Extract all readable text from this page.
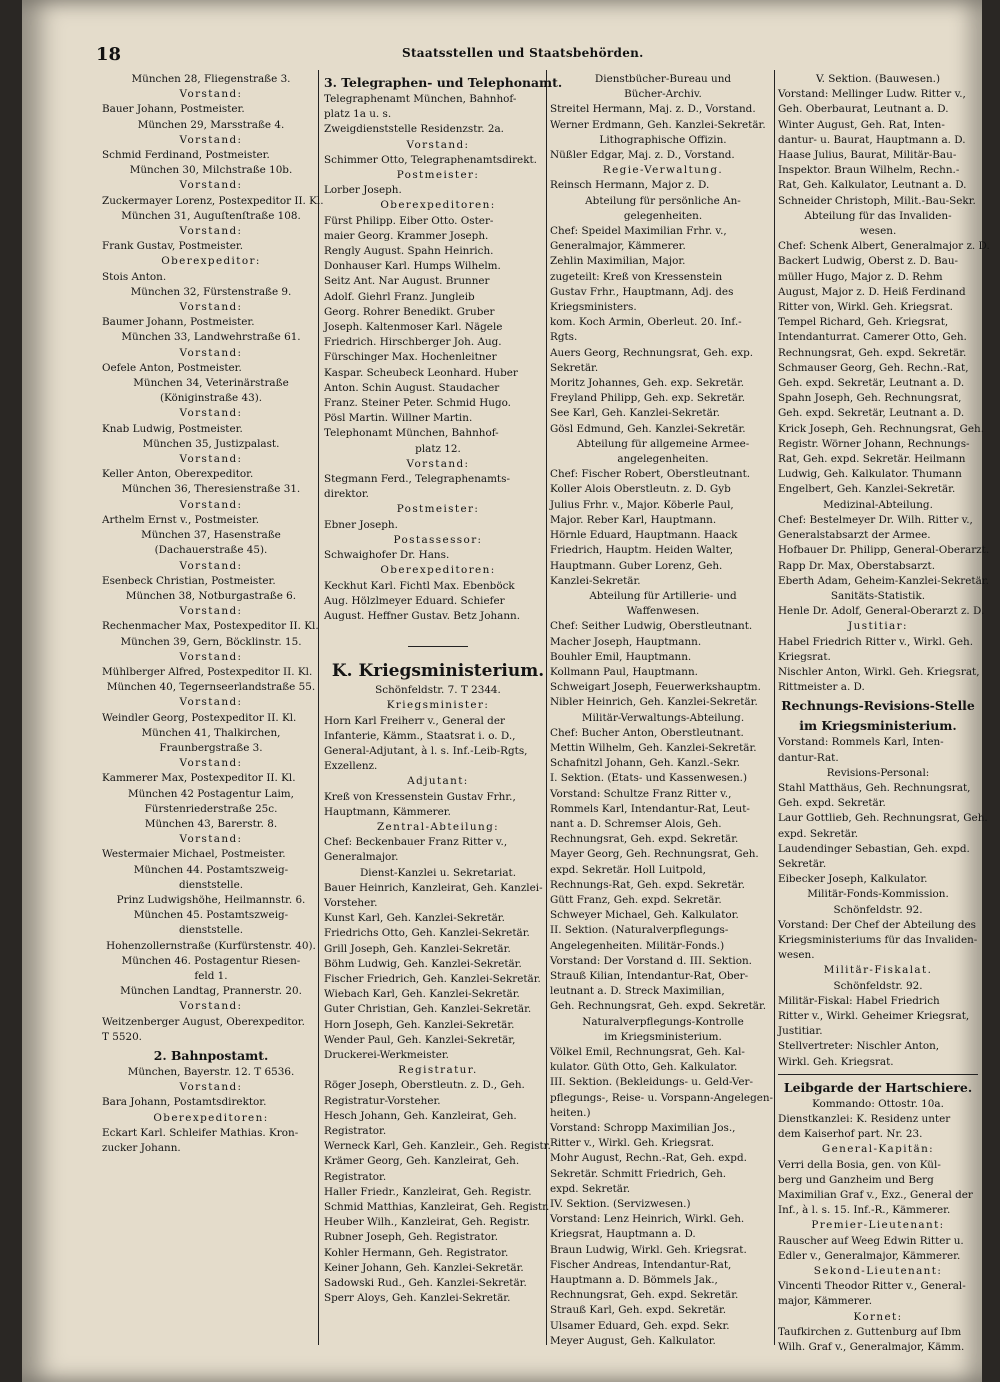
18	Staatsstellen und Staatsbehörden.
München 28, Fliegenstraße 3.
Vorstand:
Bauer Johann, Postmeister.
München 29, Marsstraße 4.
Vorstand:
Schmid Ferdinand, Postmeister.
München 30, Milchstraße 10b.
Vorstand:
Zuckermayer Lorenz, Postexpeditor II. Kl.
München 31, Auguſtenſtraße 108.
Vorstand:
Frank Gustav, Postmeister.
Oberexpeditor:
Stois Anton.
München 32, Fürstenstraße 9.
Vorstand:
Baumer Johann, Postmeister.
München 33, Landwehrstraße 61.
Vorstand:
Oefele Anton, Postmeister.
München 34, Veterinärstraße
(Königinstraße 43).
Vorstand:
Knab Ludwig, Postmeister.
München 35, Justizpalast.
Vorstand:
Keller Anton, Oberexpeditor.
München 36, Theresienstraße 31.
Vorstand:
Arthelm Ernst v., Postmeister.
München 37, Hasenstraße
(Dachauerstraße 45).
Vorstand:
Esenbeck Christian, Postmeister.
München 38, Notburgastraße 6.
Vorstand:
Rechenmacher Max, Postexpeditor II. Kl.
München 39, Gern, Böcklinstr. 15.
Vorstand:
Mühlberger Alfred, Postexpeditor II. Kl.
München 40, Tegernseerlandstraße 55.
Vorstand:
Weindler Georg, Postexpeditor II. Kl.
München 41, Thalkirchen,
Fraunbergstraße 3.
Vorstand:
Kammerer Max, Postexpeditor II. Kl.
München 42 Postagentur Laim,
Fürstenriederstraße 25c.
München 43, Barerstr. 8.
Vorstand:
Westermaier Michael, Postmeister.
München 44. Postamtszweig-
dienststelle.
Prinz Ludwigshöhe, Heilmannstr. 6.
München 45. Postamtszweig-
dienststelle.
Hohenzollernstraße (Kurfürstenstr. 40).
München 46. Postagentur Riesen-
feld 1.
München Landtag, Prannerstr. 20.
Vorstand:
Weitzenberger August, Oberexpeditor.
T 5520.
2. Bahnpostamt.
München, Bayerstr. 12. T 6536.
Vorstand:
Bara Johann, Postamtsdirektor.
Oberexpeditoren:
Eckart Karl. Schleifer Mathias. Kron-
zucker Johann.
3. Telegraphen- und Telephonamt.
Telegraphenamt München, Bahnhof-
platz 1a u. s.
Zweigdienststelle Residenzstr. 2a.
Vorstand:
Schimmer Otto, Telegraphenamtsdirekt.
Postmeister:
Lorber Joseph.
Oberexpeditoren:
Fürst Philipp. Eiber Otto. Oster-
maier Georg. Krammer Joseph.
Rengly August. Spahn Heinrich.
Donhauser Karl. Humps Wilhelm.
Seitz Ant. Nar August. Brunner
Adolf. Giehrl Franz. Jungleib
Georg. Rohrer Benedikt. Gruber
Joseph. Kaltenmoser Karl. Nägele
Friedrich. Hirschberger Joh. Aug.
Fürschinger Max. Hochenleitner
Kaspar. Scheubeck Leonhard. Huber
Anton. Schin August. Staudacher
Franz. Steiner Peter. Schmid Hugo.
Pösl Martin. Willner Martin.
Telephonamt München, Bahnhof-
platz 12.
Vorstand:
Stegmann Ferd., Telegraphenamts-
direktor.
Postmeister:
Ebner Joseph.
Postassessor:
Schwaighofer Dr. Hans.
Oberexpeditoren:
Keckhut Karl. Fichtl Max. Ebenböck
Aug. Hölzlmeyer Eduard. Schiefer
August. Heffner Gustav. Betz Johann.
K. Kriegsministerium.
Schönfeldstr. 7. T 2344.
Kriegsminister:
Horn Karl Freiherr v., General der
Infanterie, Kämm., Staatsrat i. o. D.,
General-Adjutant, à l. s. Inf.-Leib-Rgts,
Exzellenz.
Adjutant:
Kreß von Kressenstein Gustav Frhr.,
Hauptmann, Kämmerer.
Zentral-Abteilung:
Chef: Beckenbauer Franz Ritter v.,
Generalmajor.
Dienst-Kanzlei u. Sekretariat.
Bauer Heinrich, Kanzleirat, Geh. Kanzlei-
Vorsteher.
Kunst Karl, Geh. Kanzlei-Sekretär.
Friedrichs Otto, Geh. Kanzlei-Sekretär.
Grill Joseph, Geh. Kanzlei-Sekretär.
Böhm Ludwig, Geh. Kanzlei-Sekretär.
Fischer Friedrich, Geh. Kanzlei-Sekretär.
Wiebach Karl, Geh. Kanzlei-Sekretär.
Guter Christian, Geh. Kanzlei-Sekretär.
Horn Joseph, Geh. Kanzlei-Sekretär.
Wender Paul, Geh. Kanzlei-Sekretär,
Druckerei-Werkmeister.
Registratur.
Röger Joseph, Oberstleutn. z. D., Geh.
Registratur-Vorsteher.
Hesch Johann, Geh. Kanzleirat, Geh.
Registrator.
Werneck Karl, Geh. Kanzleir., Geh. Registr.
Krämer Georg, Geh. Kanzleirat, Geh.
Registrator.
Haller Friedr., Kanzleirat, Geh. Registr.
Schmid Matthias, Kanzleirat, Geh. Registr.
Heuber Wilh., Kanzleirat, Geh. Registr.
Rubner Joseph, Geh. Registrator.
Kohler Hermann, Geh. Registrator.
Keiner Johann, Geh. Kanzlei-Sekretär.
Sadowski Rud., Geh. Kanzlei-Sekretär.
Sperr Aloys, Geh. Kanzlei-Sekretär.
Dienstbücher-Bureau und
Bücher-Archiv.
Streitel Hermann, Maj. z. D., Vorstand.
Werner Erdmann, Geh. Kanzlei-Sekretär.
Lithographische Offizin.
Nüßler Edgar, Maj. z. D., Vorstand.
Regie-Verwaltung.
Reinsch Hermann, Major z. D.
Abteilung für persönliche An-
gelegenheiten.
Chef: Speidel Maximilian Frhr. v.,
Generalmajor, Kämmerer.
Zehlin Maximilian, Major.
zugeteilt: Kreß von Kressenstein
Gustav Frhr., Hauptmann, Adj. des
Kriegsministers.
kom. Koch Armin, Oberleut. 20. Inf.-
Rgts.
Auers Georg, Rechnungsrat, Geh. exp.
Sekretär.
Moritz Johannes, Geh. exp. Sekretär.
Freyland Philipp, Geh. exp. Sekretär.
See Karl, Geh. Kanzlei-Sekretär.
Gösl Edmund, Geh. Kanzlei-Sekretär.
Abteilung für allgemeine Armee-
angelegenheiten.
Chef: Fischer Robert, Oberstleutnant.
Koller Alois Oberstleutn. z. D. Gyb
Julius Frhr. v., Major. Köberle Paul,
Major. Reber Karl, Hauptmann.
Hörnle Eduard, Hauptmann. Haack
Friedrich, Hauptm. Heiden Walter,
Hauptmann. Guber Lorenz, Geh.
Kanzlei-Sekretär.
Abteilung für Artillerie- und
Waffenwesen.
Chef: Seither Ludwig, Oberstleutnant.
Macher Joseph, Hauptmann.
Bouhler Emil, Hauptmann.
Kollmann Paul, Hauptmann.
Schweigart Joseph, Feuerwerkshauptm.
Nibler Heinrich, Geh. Kanzlei-Sekretär.
Militär-Verwaltungs-Abteilung.
Chef: Bucher Anton, Oberstleutnant.
Mettin Wilhelm, Geh. Kanzlei-Sekretär.
Schafnitzl Johann, Geh. Kanzl.-Sekr.
I. Sektion. (Etats- und Kassenwesen.)
Vorstand: Schultze Franz Ritter v.,
Rommels Karl, Intendantur-Rat, Leut-
nant a. D. Schremser Alois, Geh.
Rechnungsrat, Geh. expd. Sekretär.
Mayer Georg, Geh. Rechnungsrat, Geh.
expd. Sekretär. Holl Luitpold,
Rechnungs-Rat, Geh. expd. Sekretär.
Gütt Franz, Geh. expd. Sekretär.
Schweyer Michael, Geh. Kalkulator.
II. Sektion. (Naturalverpflegungs-
Angelegenheiten. Militär-Fonds.)
Vorstand: Der Vorstand d. III. Sektion.
Strauß Kilian, Intendantur-Rat, Ober-
leutnant a. D. Streck Maximilian,
Geh. Rechnungsrat, Geh. expd. Sekretär.
Naturalverpflegungs-Kontrolle
im Kriegsministerium.
Völkel Emil, Rechnungsrat, Geh. Kal-
kulator. Güth Otto, Geh. Kalkulator.
III. Sektion. (Bekleidungs- u. Geld-Ver-
pflegungs-, Reise- u. Vorspann-Angelegen-
heiten.)
Vorstand: Schropp Maximilian Jos.,
Ritter v., Wirkl. Geh. Kriegsrat.
Mohr August, Rechn.-Rat, Geh. expd.
Sekretär. Schmitt Friedrich, Geh.
expd. Sekretär.
IV. Sektion. (Servizwesen.)
Vorstand: Lenz Heinrich, Wirkl. Geh.
Kriegsrat, Hauptmann a. D.
Braun Ludwig, Wirkl. Geh. Kriegsrat.
Fischer Andreas, Intendantur-Rat,
Hauptmann a. D. Bömmels Jak.,
Rechnungsrat, Geh. expd. Sekretär.
Strauß Karl, Geh. expd. Sekretär.
Ulsamer Eduard, Geh. expd. Sekr.
Meyer August, Geh. Kalkulator.
V. Sektion. (Bauwesen.)
Vorstand: Mellinger Ludw. Ritter v.,
Geh. Oberbaurat, Leutnant a. D.
Winter August, Geh. Rat, Inten-
dantur- u. Baurat, Hauptmann a. D.
Haase Julius, Baurat, Militär-Bau-
Inspektor. Braun Wilhelm, Rechn.-
Rat, Geh. Kalkulator, Leutnant a. D.
Schneider Christoph, Milit.-Bau-Sekr.
Abteilung für das Invaliden-
wesen.
Chef: Schenk Albert, Generalmajor z. D.
Backert Ludwig, Oberst z. D. Bau-
müller Hugo, Major z. D. Rehm
August, Major z. D. Heiß Ferdinand
Ritter von, Wirkl. Geh. Kriegsrat.
Tempel Richard, Geh. Kriegsrat,
Intendanturrat. Camerer Otto, Geh.
Rechnungsrat, Geh. expd. Sekretär.
Schmauser Georg, Geh. Rechn.-Rat,
Geh. expd. Sekretär, Leutnant a. D.
Spahn Joseph, Geh. Rechnungsrat,
Geh. expd. Sekretär, Leutnant a. D.
Krick Joseph, Geh. Rechnungsrat, Geh.
Registr. Wörner Johann, Rechnungs-
Rat, Geh. expd. Sekretär. Heilmann
Ludwig, Geh. Kalkulator. Thumann
Engelbert, Geh. Kanzlei-Sekretär.
Medizinal-Abteilung.
Chef: Bestelmeyer Dr. Wilh. Ritter v.,
Generalstabsarzt der Armee.
Hofbauer Dr. Philipp, General-Oberarzt.
Rapp Dr. Max, Oberstabsarzt.
Eberth Adam, Geheim-Kanzlei-Sekretär.
Sanitäts-Statistik.
Henle Dr. Adolf, General-Oberarzt z. D.
Justitiar:
Habel Friedrich Ritter v., Wirkl. Geh.
Kriegsrat.
Nischler Anton, Wirkl. Geh. Kriegsrat,
Rittmeister a. D.
Rechnungs-Revisions-Stelle
im Kriegsministerium.
Vorstand: Rommels Karl, Inten-
dantur-Rat.
Revisions-Personal:
Stahl Matthäus, Geh. Rechnungsrat,
Geh. expd. Sekretär.
Laur Gottlieb, Geh. Rechnungsrat, Geh.
expd. Sekretär.
Laudendinger Sebastian, Geh. expd.
Sekretär.
Eibecker Joseph, Kalkulator.
Militär-Fonds-Kommission.
Schönfeldstr. 92.
Vorstand: Der Chef der Abteilung des
Kriegsministeriums für das Invaliden-
wesen.
Militär-Fiskalat.
Schönfeldstr. 92.
Militär-Fiskal: Habel Friedrich
Ritter v., Wirkl. Geheimer Kriegsrat,
Justitiar.
Stellvertreter: Nischler Anton,
Wirkl. Geh. Kriegsrat.
Leibgarde der Hartschiere.
Kommando: Ottostr. 10a.
Dienstkanzlei: K. Residenz unter
dem Kaiserhof part. Nr. 23.
General-Kapitän:
Verri della Bosia, gen. von Kül-
berg und Ganzheim und Berg
Maximilian Graf v., Exz., General der
Inf., à l. s. 15. Inf.-R., Kämmerer.
Premier-Lieutenant:
Rauscher auf Weeg Edwin Ritter u.
Edler v., Generalmajor, Kämmerer.
Sekond-Lieutenant:
Vincenti Theodor Ritter v., General-
major, Kämmerer.
Kornet:
Taufkirchen z. Guttenburg auf Ibm
Wilh. Graf v., Generalmajor, Kämm.
